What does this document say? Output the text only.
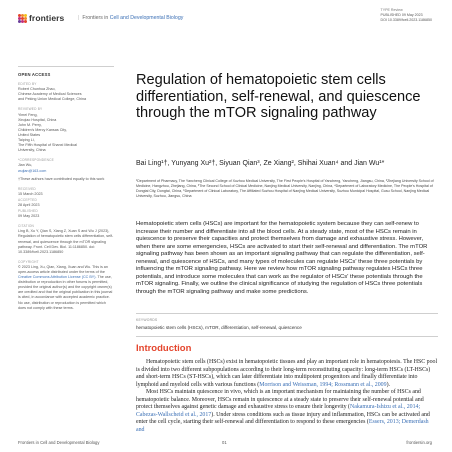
frontiers	| Frontiers in Cell and Developmental Biology
TYPE Review
PUBLISHED 09 May 2023
DOI 10.3389/fcell.2023.1186850
OPEN ACCESS
EDITED BY
Robert Chunhua Zhao,
Chinese Academy of Medical Sciences
and Peking Union Medical College, China
REVIEWED BY
Yimei Feng,
Xinqiao Hospital, China
John M. Perry,
Children's Mercy Kansas City,
United States
Taiping Li,
The Fifth Hospital of Shanxi Medical
University, China
*CORRESPONDENCE
Jian Wu,
wujian@163.com
†These authors have contributed equally to this work
RECEIVED
15 March 2023
ACCEPTED
28 April 2023
PUBLISHED
09 May 2023
CITATION
Ling B, Xu Y, Qian S, Xiang Z, Xuan S and Wu J (2023), Regulation of hematopoietic stem cells differentiation, self-renewal, and quiescence through the mTOR signaling pathway. Front. Cell Dev. Biol. 11:1186850. doi: 10.3389/fcell.2023.1186850
COPYRIGHT
© 2023 Ling, Xu, Qian, Xiang, Xuan and Wu. This is an open-access article distributed under the terms of the Creative Commons Attribution License (CC BY). The use, distribution or reproduction in other forums is permitted, provided the original author(s) and the copyright owner(s) are credited and that the original publication in this journal is cited, in accordance with accepted academic practice. No use, distribution or reproduction is permitted which does not comply with these terms.
Regulation of hematopoietic stem cells differentiation, self-renewal, and quiescence through the mTOR signaling pathway
Bai Ling¹†, Yunyang Xu²†, Siyuan Qian³, Ze Xiang², Shihai Xuan⁴ and Jian Wu¹*
¹Department of Pharmacy, The Yancheng Clinical College of Xuzhou Medical University, The First People's Hospital of Yancheng, Yancheng, Jiangsu, China, ²Zhejiang University School of Medicine, Hangzhou, Zhejiang, China, ³The Second School of Clinical Medicine, Nanjing Medical University, Nanjing, China, ⁴Department of Laboratory Medicine, The People's Hospital of Dongtai City, Dongtai, China, ⁵Department of Clinical Laboratory, The Affiliated Suzhou Hospital of Nanjing Medical University, Suzhou Municipal Hospital, Gusu School, Nanjing Medical University, Suzhou, Jiangsu, China
Hematopoietic stem cells (HSCs) are important for the hematopoietic system because they can self-renew to increase their number and differentiate into all the blood cells. At a steady state, most of the HSCs remain in quiescence to preserve their capacities and protect themselves from damage and exhaustive stress. However, when there are some emergencies, HSCs are activated to start their self-renewal and differentiation. The mTOR signaling pathway has been shown as an important signaling pathway that can regulate the differentiation, self-renewal, and quiescence of HSCs, and many types of molecules can regulate HSCs' these three potentials by influencing the mTOR signaling pathway. Here we review how mTOR signaling pathway regulates HSCs three potentials, and introduce some molecules that can work as the regulator of HSCs' these potentials through the mTOR signaling. Finally, we outline the clinical significance of studying the regulation of HSCs three potentials through the mTOR signaling pathway and make some predictions.
KEYWORDS
hematopoietic stem cells (HSCs), mTOR, differentiation, self-renewal, quiescence
Introduction

Hematopoietic stem cells (HSCs) exist in hematopoietic tissues and play an important role in hematopoiesis. The HSC pool is divided into two different subpopulations according to their long-term reconstituting capacity: long-term HSCs (LT-HSCs) and short-term HSCs (ST-HSCs), which can later differentiate into multipotent progenitors and finally differentiate into lymphoid and myeloid cells with various functions (Morrison and Weissman, 1994; Rossmann et al., 2009).

Most HSCs maintain quiescence in vivo, which is an important mechanism for maintaining the number of HSCs and hematopoietic balance. Moreover, HSCs remain in quiescence at a steady state to preserve their self-renewal potential and protect themselves against genetic damage and exhaustive stress to ensure their longevity (Nakamura-Ishizu et al., 2014; Cabezas-Wallscheid et al., 2017). Under stress conditions such as tissue injury and inflammation, HSCs can be activated and enter the cell cycle, starting their self-renewal and differentiation to respond to these emergencies (Essers, 2013; Demerdash and

Frontiers in Cell and Developmental Biology	01	frontiersin.org
